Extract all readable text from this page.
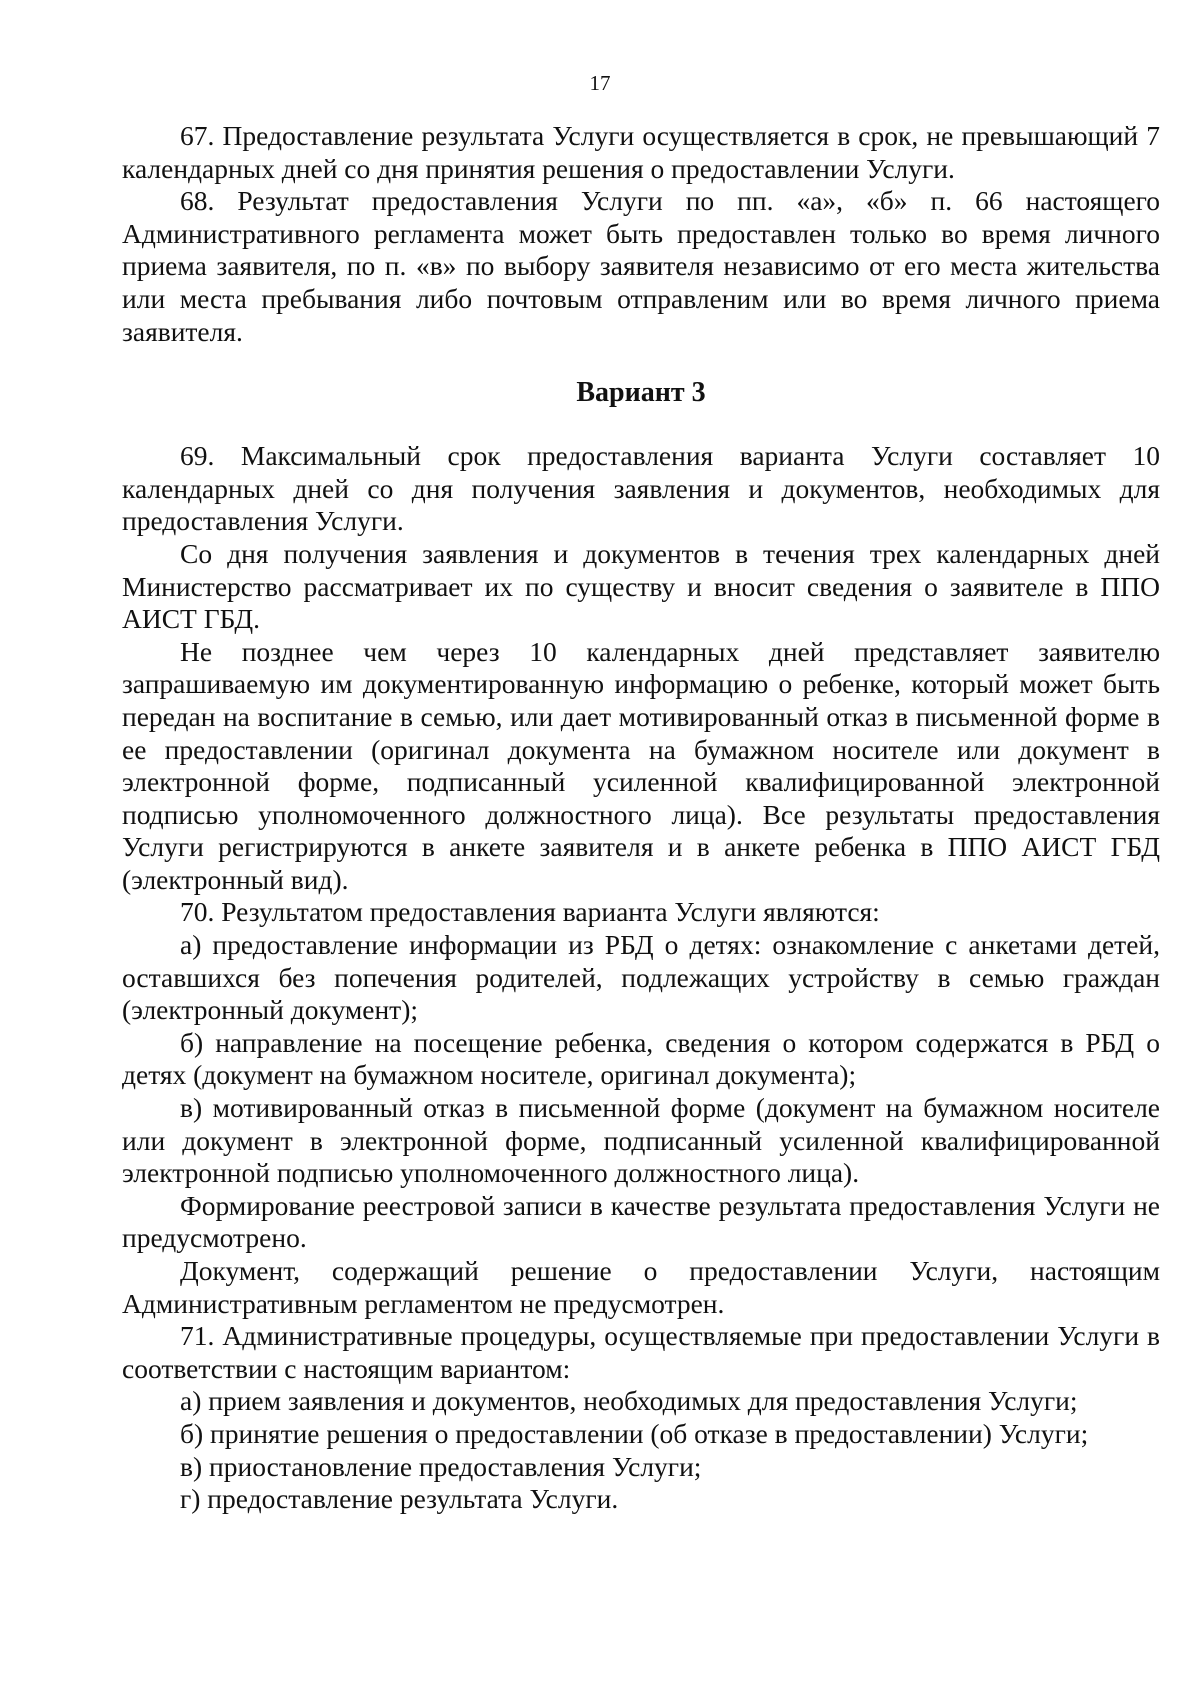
17

67. Предоставление результата Услуги осуществляется в срок, не превышающий 7 календарных дней со дня принятия решения о предоставлении Услуги.

68. Результат предоставления Услуги по пп. «а», «б» п. 66 настоящего Административного регламента может быть предоставлен только во время личного приема заявителя, по п. «в» по выбору заявителя независимо от его места жительства или места пребывания либо почтовым отправленим или во время личного приема заявителя.

Вариант 3

69. Максимальный срок предоставления варианта Услуги составляет 10 календарных дней со дня получения заявления и документов, необходимых для предоставления Услуги.

Со дня получения заявления и документов в течения трех календарных дней Министерство рассматривает их по существу и вносит сведения о заявителе в ППО АИСТ ГБД.

Не позднее чем через 10 календарных дней представляет заявителю запрашиваемую им документированную информацию о ребенке, который может быть передан на воспитание в семью, или дает мотивированный отказ в письменной форме в ее предоставлении (оригинал документа на бумажном носителе или документ в электронной форме, подписанный усиленной квалифицированной электронной подписью уполномоченного должностного лица). Все результаты предоставления Услуги регистрируются в анкете заявителя и в анкете ребенка в ППО АИСТ ГБД (электронный вид).

70. Результатом предоставления варианта Услуги являются:

а) предоставление информации из РБД о детях: ознакомление с анкетами детей, оставшихся без попечения родителей, подлежащих устройству в семью граждан (электронный документ);

б) направление на посещение ребенка, сведения о котором содержатся в РБД о детях (документ на бумажном носителе, оригинал документа);

в) мотивированный отказ в письменной форме (документ на бумажном носителе или документ в электронной форме, подписанный усиленной квалифицированной электронной подписью уполномоченного должностного лица).

Формирование реестровой записи в качестве результата предоставления Услуги не предусмотрено.

Документ, содержащий решение о предоставлении Услуги, настоящим Административным регламентом не предусмотрен.

71. Административные процедуры, осуществляемые при предоставлении Услуги в соответствии с настоящим вариантом:

а) прием заявления и документов, необходимых для предоставления Услуги;

б) принятие решения о предоставлении (об отказе в предоставлении) Услуги;

в) приостановление предоставления Услуги;

г) предоставление результата Услуги.
